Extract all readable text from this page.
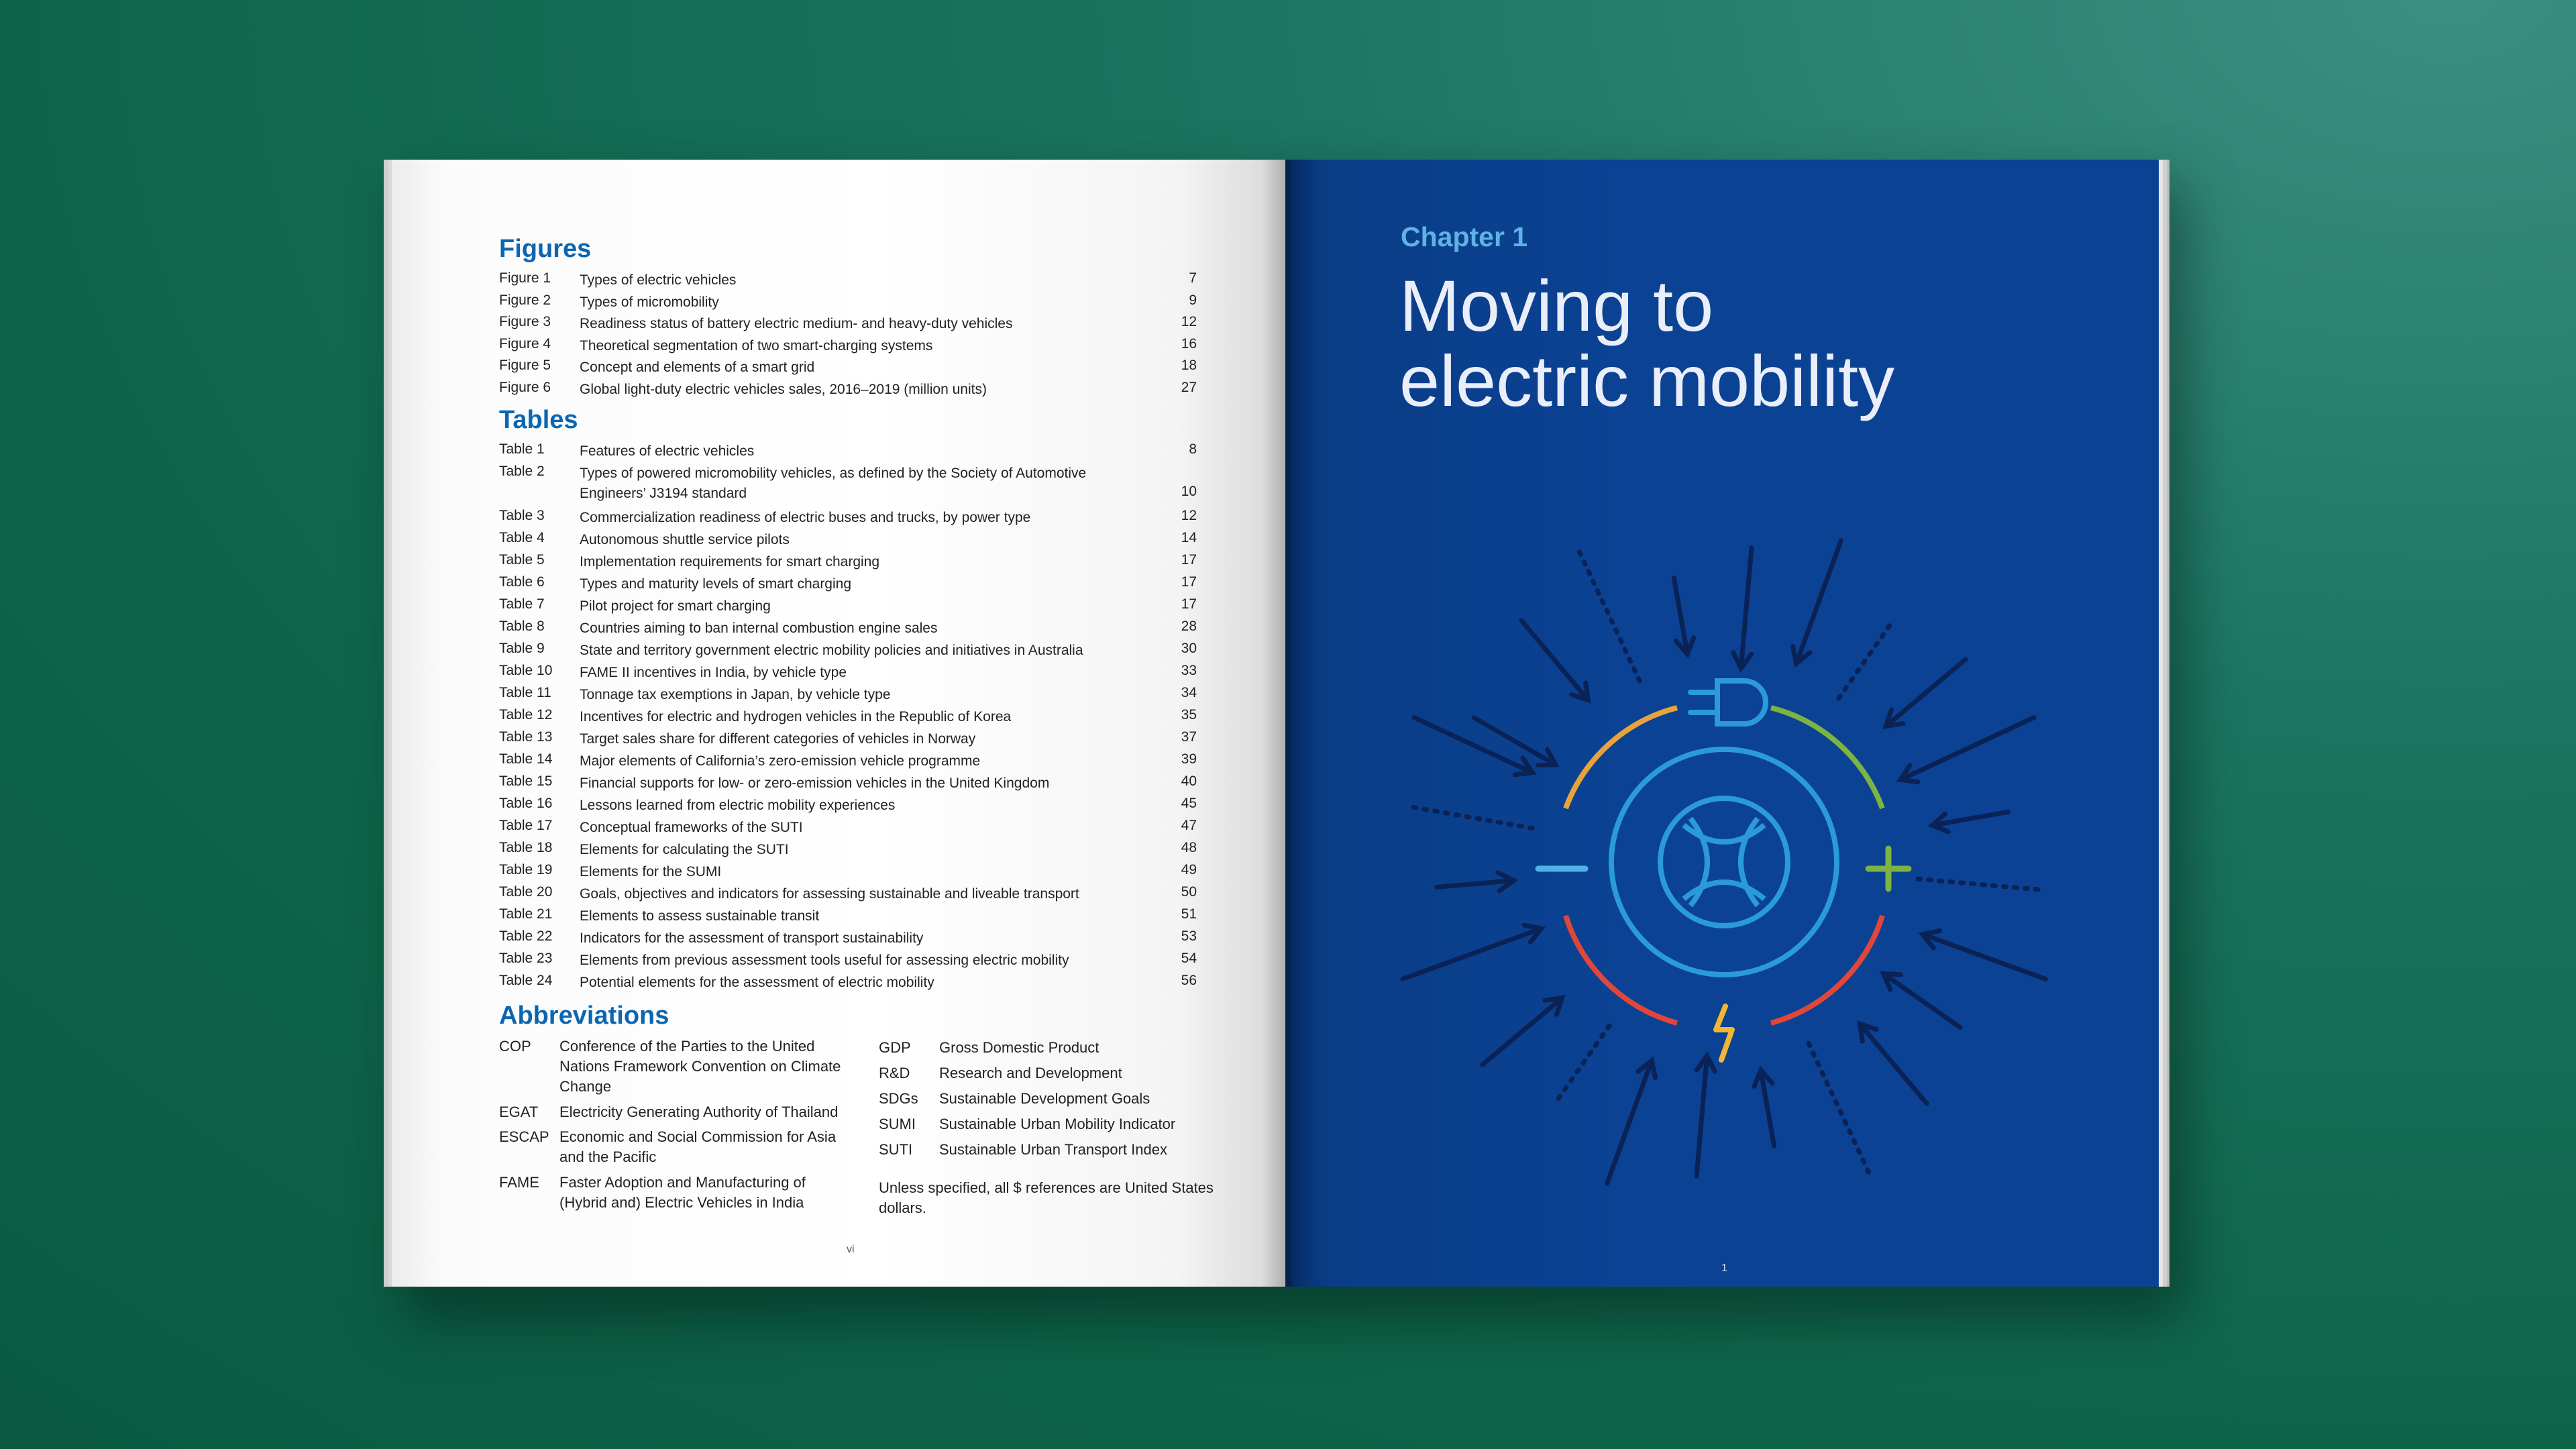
Figures
Figure 1 Types of electric vehicles	7
Figure 2 Types of micromobility	9
Figure 3 Readiness status of battery electric medium- and heavy-duty vehicles	12
Figure 4 Theoretical segmentation of two smart-charging systems	16
Figure 5 Concept and elements of a smart grid	18
Figure 6 Global light-duty electric vehicles sales, 2016–2019 (million units)	27
Tables
Table 1 Features of electric vehicles	8
Table 2 Types of powered micromobility vehicles, as defined by the Society of Automotive Engineers’ J3194 standard	10
Table 3 Commercialization readiness of electric buses and trucks, by power type	12
Table 4 Autonomous shuttle service pilots	14
Table 5 Implementation requirements for smart charging	17
Table 6 Types and maturity levels of smart charging	17
Table 7 Pilot project for smart charging	17
Table 8 Countries aiming to ban internal combustion engine sales	28
Table 9 State and territory government electric mobility policies and initiatives in Australia	30
Table 10 FAME II incentives in India, by vehicle type	33
Table 11 Tonnage tax exemptions in Japan, by vehicle type	34
Table 12 Incentives for electric and hydrogen vehicles in the Republic of Korea	35
Table 13 Target sales share for different categories of vehicles in Norway	37
Table 14 Major elements of California’s zero-emission vehicle programme	39
Table 15 Financial supports for low- or zero-emission vehicles in the United Kingdom	40
Table 16 Lessons learned from electric mobility experiences	45
Table 17 Conceptual frameworks of the SUTI	47
Table 18 Elements for calculating the SUTI	48
Table 19 Elements for the SUMI	49
Table 20 Goals, objectives and indicators for assessing sustainable and liveable transport	50
Table 21 Elements to assess sustainable transit	51
Table 22 Indicators for the assessment of transport sustainability	53
Table 23 Elements from previous assessment tools useful for assessing electric mobility	54
Table 24 Potential elements for the assessment of electric mobility	56
Abbreviations
COP Conference of the Parties to the United Nations Framework Convention on Climate Change
EGAT Electricity Generating Authority of Thailand
ESCAP Economic and Social Commission for Asia and the Pacific
FAME Faster Adoption and Manufacturing of (Hybrid and) Electric Vehicles in India
GDP Gross Domestic Product
R&D Research and Development
SDGs Sustainable Development Goals
SUMI Sustainable Urban Mobility Indicator
SUTI Sustainable Urban Transport Index
Unless specified, all $ references are United States dollars.
vi
Chapter 1
Moving to
electric mobility
1
